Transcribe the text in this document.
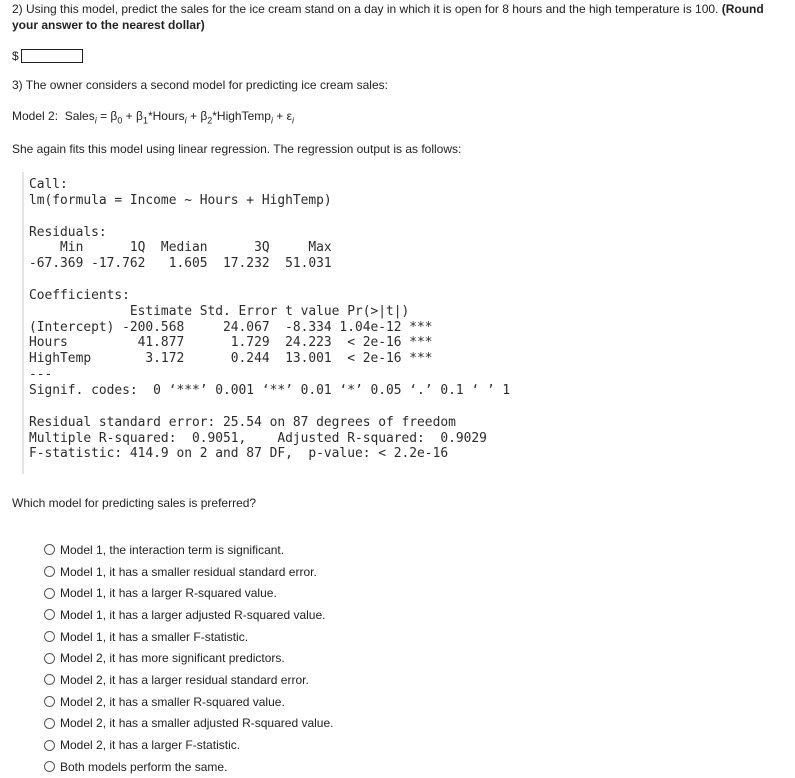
2) Using this model, predict the sales for the ice cream stand on a day in which it is open for 8 hours and the high temperature is 100. (Round your answer to the nearest dollar)
$
3) The owner considers a second model for predicting ice cream sales:
Model 2: Sales$_i$ = $\beta_0$ + $\beta_1*Hours_i$ + $\beta_2*HighTemp_i + \varepsilon_i$
She again fits this model using linear regression. The regression output is as follows:
Call:
lm(formula = Income ~ Hours + HighTemp)

Residuals:
Min      1Q  Median      3Q     Max
-67.369 -17.762   1.605  17.232  51.031

Coefficients:
Estimate Std. Error t value Pr(>|t|)
(Intercept) -200.568     24.067  -8.334 1.04e-12 ***
Hours         41.877      1.729  24.223  < 2e-16 ***
HighTemp       3.172      0.244  13.001  < 2e-16 ***
---
Signif. codes:  0 ‘***’ 0.001 ‘**’ 0.01 ‘*’ 0.05 ‘.’ 0.1 ‘ ’ 1

Residual standard error: 25.54 on 87 degrees of freedom
Multiple R-squared:  0.9051,	Adjusted R-squared:  0.9029
F-statistic: 414.9 on 2 and 87 DF,  p-value: < 2.2e-16
Which model for predicting sales is preferred?
Model 1, the interaction term is significant.
Model 1, it has a smaller residual standard error.
Model 1, it has a larger R-squared value.
Model 1, it has a larger adjusted R-squared value.
Model 1, it has a smaller F-statistic.
Model 2, it has more significant predictors.
Model 2, it has a larger residual standard error.
Model 2, it has a smaller R-squared value.
Model 2, it has a smaller adjusted R-squared value.
Model 2, it has a larger F-statistic.
Both models perform the same.
